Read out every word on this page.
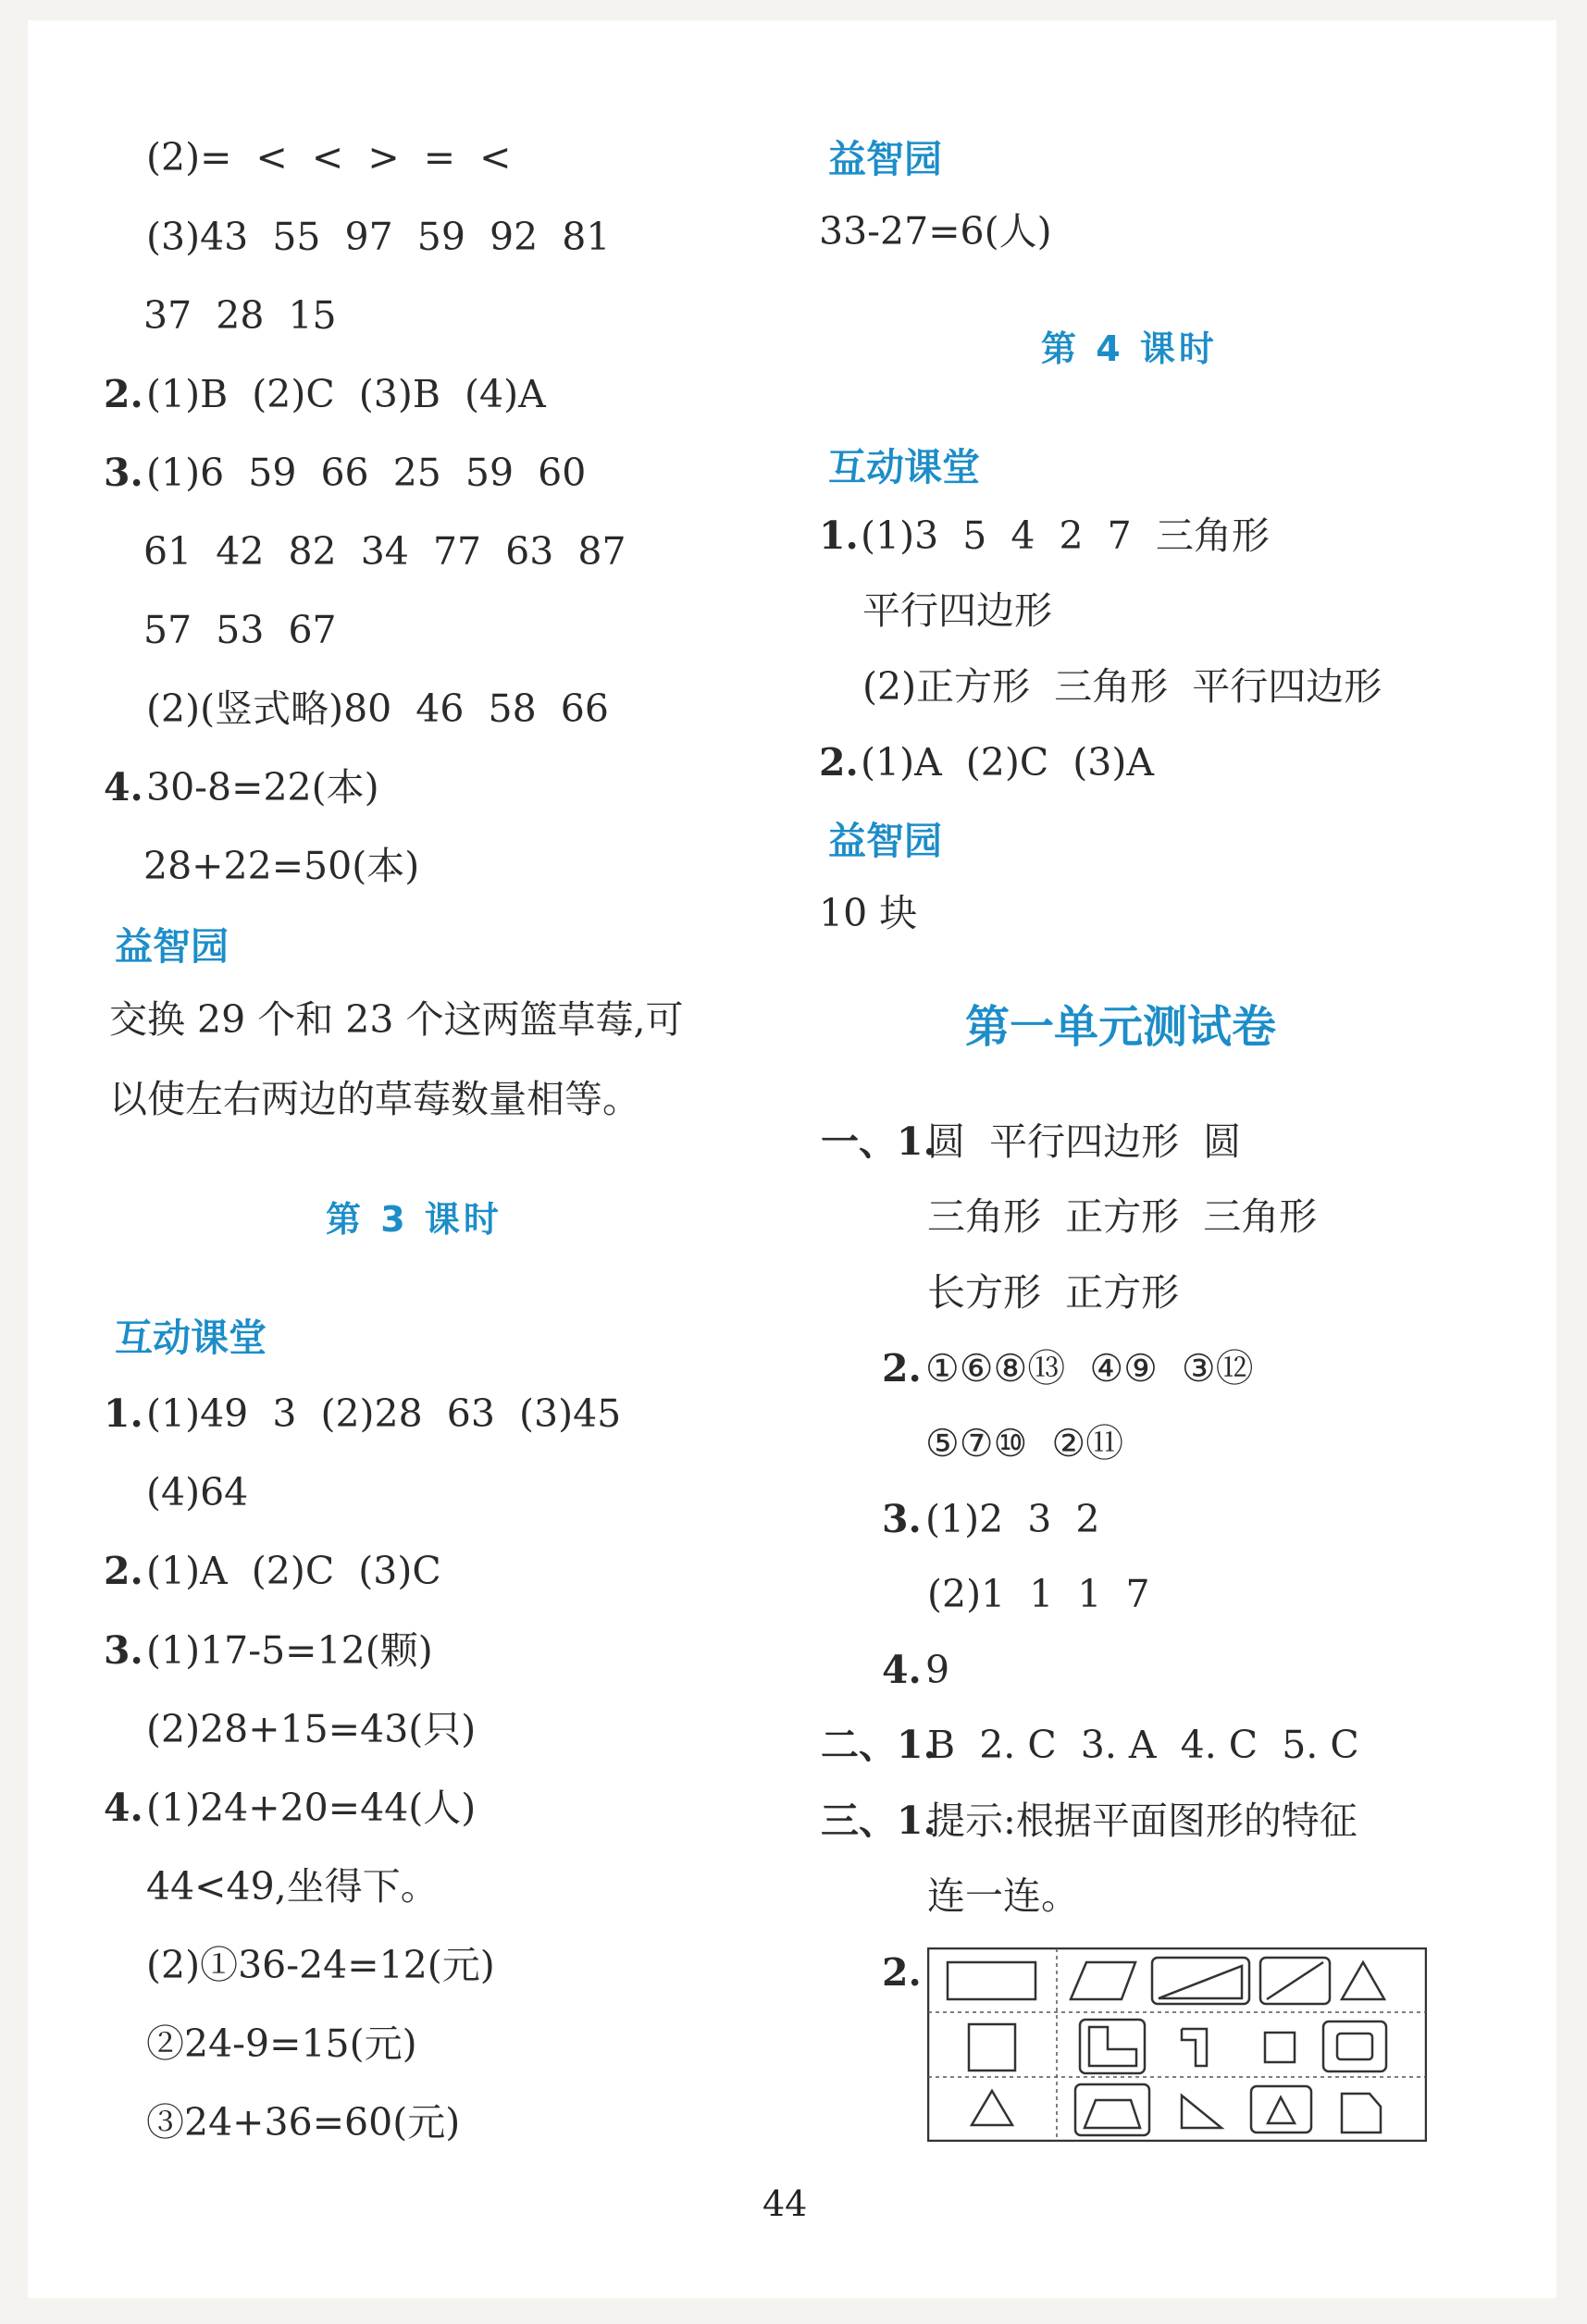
(2)=  <  <  >  =  <
(3)43  55  97  59  92  81
37  28  15
2. (1)B  (2)C  (3)B  (4)A
3. (1)6  59  66  25  59  60
61  42  82  34  77  63  87
57  53  67
(2)(竖式略)80  46  58  66
4. 30-8=22(本)
28+22=50(本)
益智园
交换 29 个和 23 个这两篮草莓,可
以使左右两边的草莓数量相等。
第 3 课时
互动课堂
1. (1)49  3  (2)28  63  (3)45
(4)64
2. (1)A  (2)C  (3)C
3. (1)17-5=12(颗)
(2)28+15=43(只)
4. (1)24+20=44(人)
44<49,坐得下。
(2)①36-24=12(元)
②24-9=15(元)
③24+36=60(元)
益智园
33-27=6(人)
第 4 课时
互动课堂
1. (1)3  5  4  2  7  三角形
平行四边形
(2)正方形  三角形  平行四边形
2. (1)A  (2)C  (3)A
益智园
10 块
第一单元测试卷
一、1.
圆  平行四边形  圆
三角形  正方形  三角形
长方形  正方形
2. ①⑥⑧⑬  ④⑨  ③⑫
⑤⑦⑩  ②⑪
3. (1)2  3  2
(2)1  1  1  7
4. 9
二、1.
B  2. C  3. A  4. C  5. C
三、1.
提示:根据平面图形的特征
连一连。
2.
44
